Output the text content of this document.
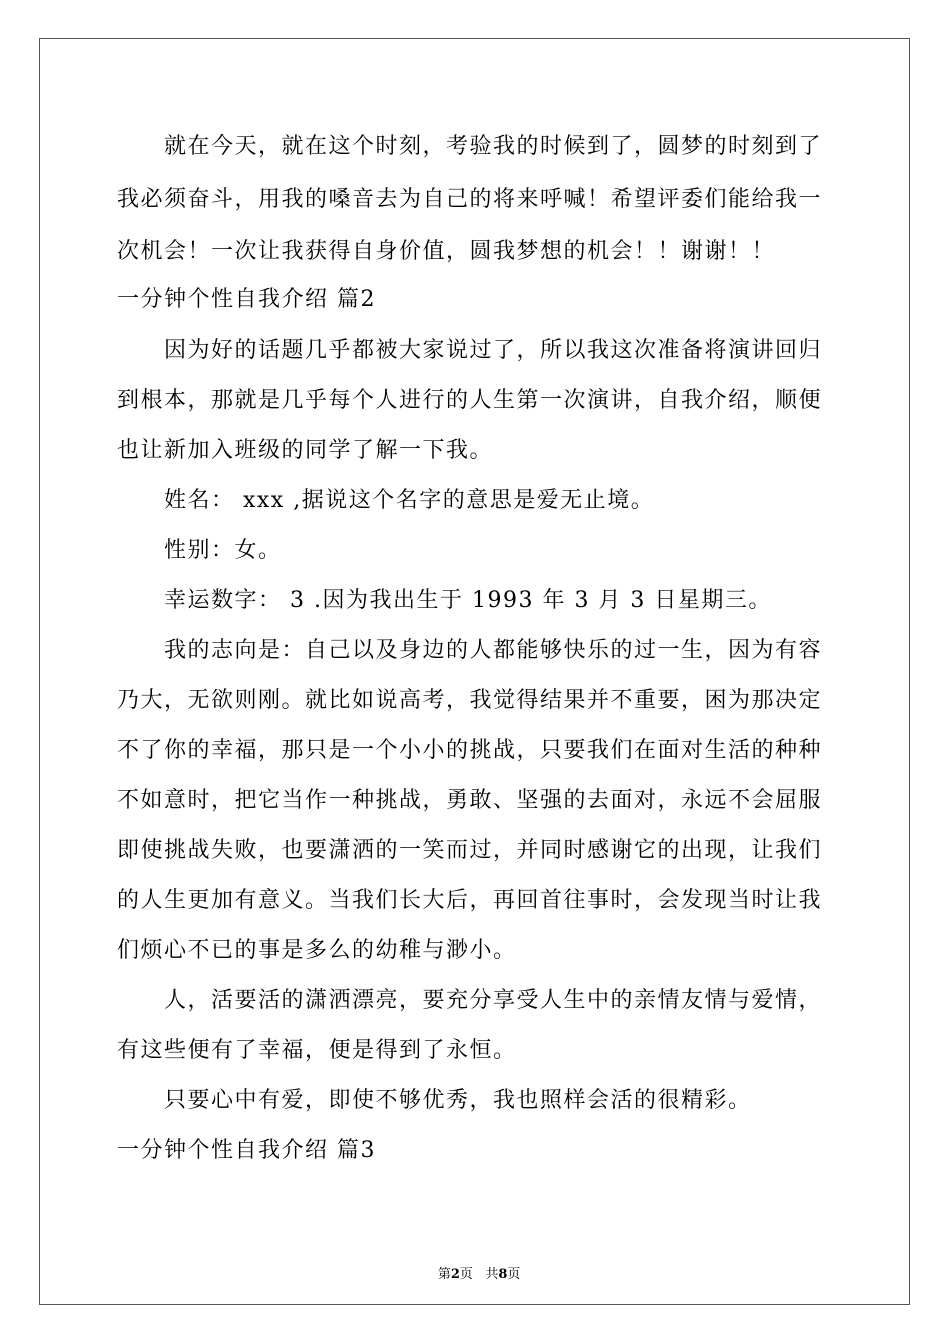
　　就在今天，就在这个时刻，考验我的时候到了，圆梦的时刻到了
我必须奋斗，用我的嗓音去为自己的将来呼喊！希望评委们能给我一
次机会！一次让我获得自身价值，圆我梦想的机会！！谢谢！！
一分钟个性自我介绍 篇2
　　因为好的话题几乎都被大家说过了，所以我这次准备将演讲回归
到根本，那就是几乎每个人进行的人生第一次演讲，自我介绍，顺便
也让新加入班级的同学了解一下我。
　　姓名： xxx ,据说这个名字的意思是爱无止境。
　　性别：女。
　　幸运数字： 3 .因为我出生于 1993 年 3 月 3 日星期三。
　　我的志向是：自己以及身边的人都能够快乐的过一生，因为有容
乃大，无欲则刚。就比如说高考，我觉得结果并不重要，困为那决定
不了你的幸福，那只是一个小小的挑战，只要我们在面对生活的种种
不如意时，把它当作一种挑战，勇敢、坚强的去面对，永远不会屈服
即使挑战失败，也要潇洒的一笑而过，并同时感谢它的出现，让我们
的人生更加有意义。当我们长大后，再回首往事时，会发现当时让我
们烦心不已的事是多么的幼稚与渺小。
　　人，活要活的潇洒漂亮，要充分享受人生中的亲情友情与爱情，
有这些便有了幸福，便是得到了永恒。
　　只要心中有爱，即使不够优秀，我也照样会活的很精彩。
一分钟个性自我介绍 篇3

第2页 共8页
